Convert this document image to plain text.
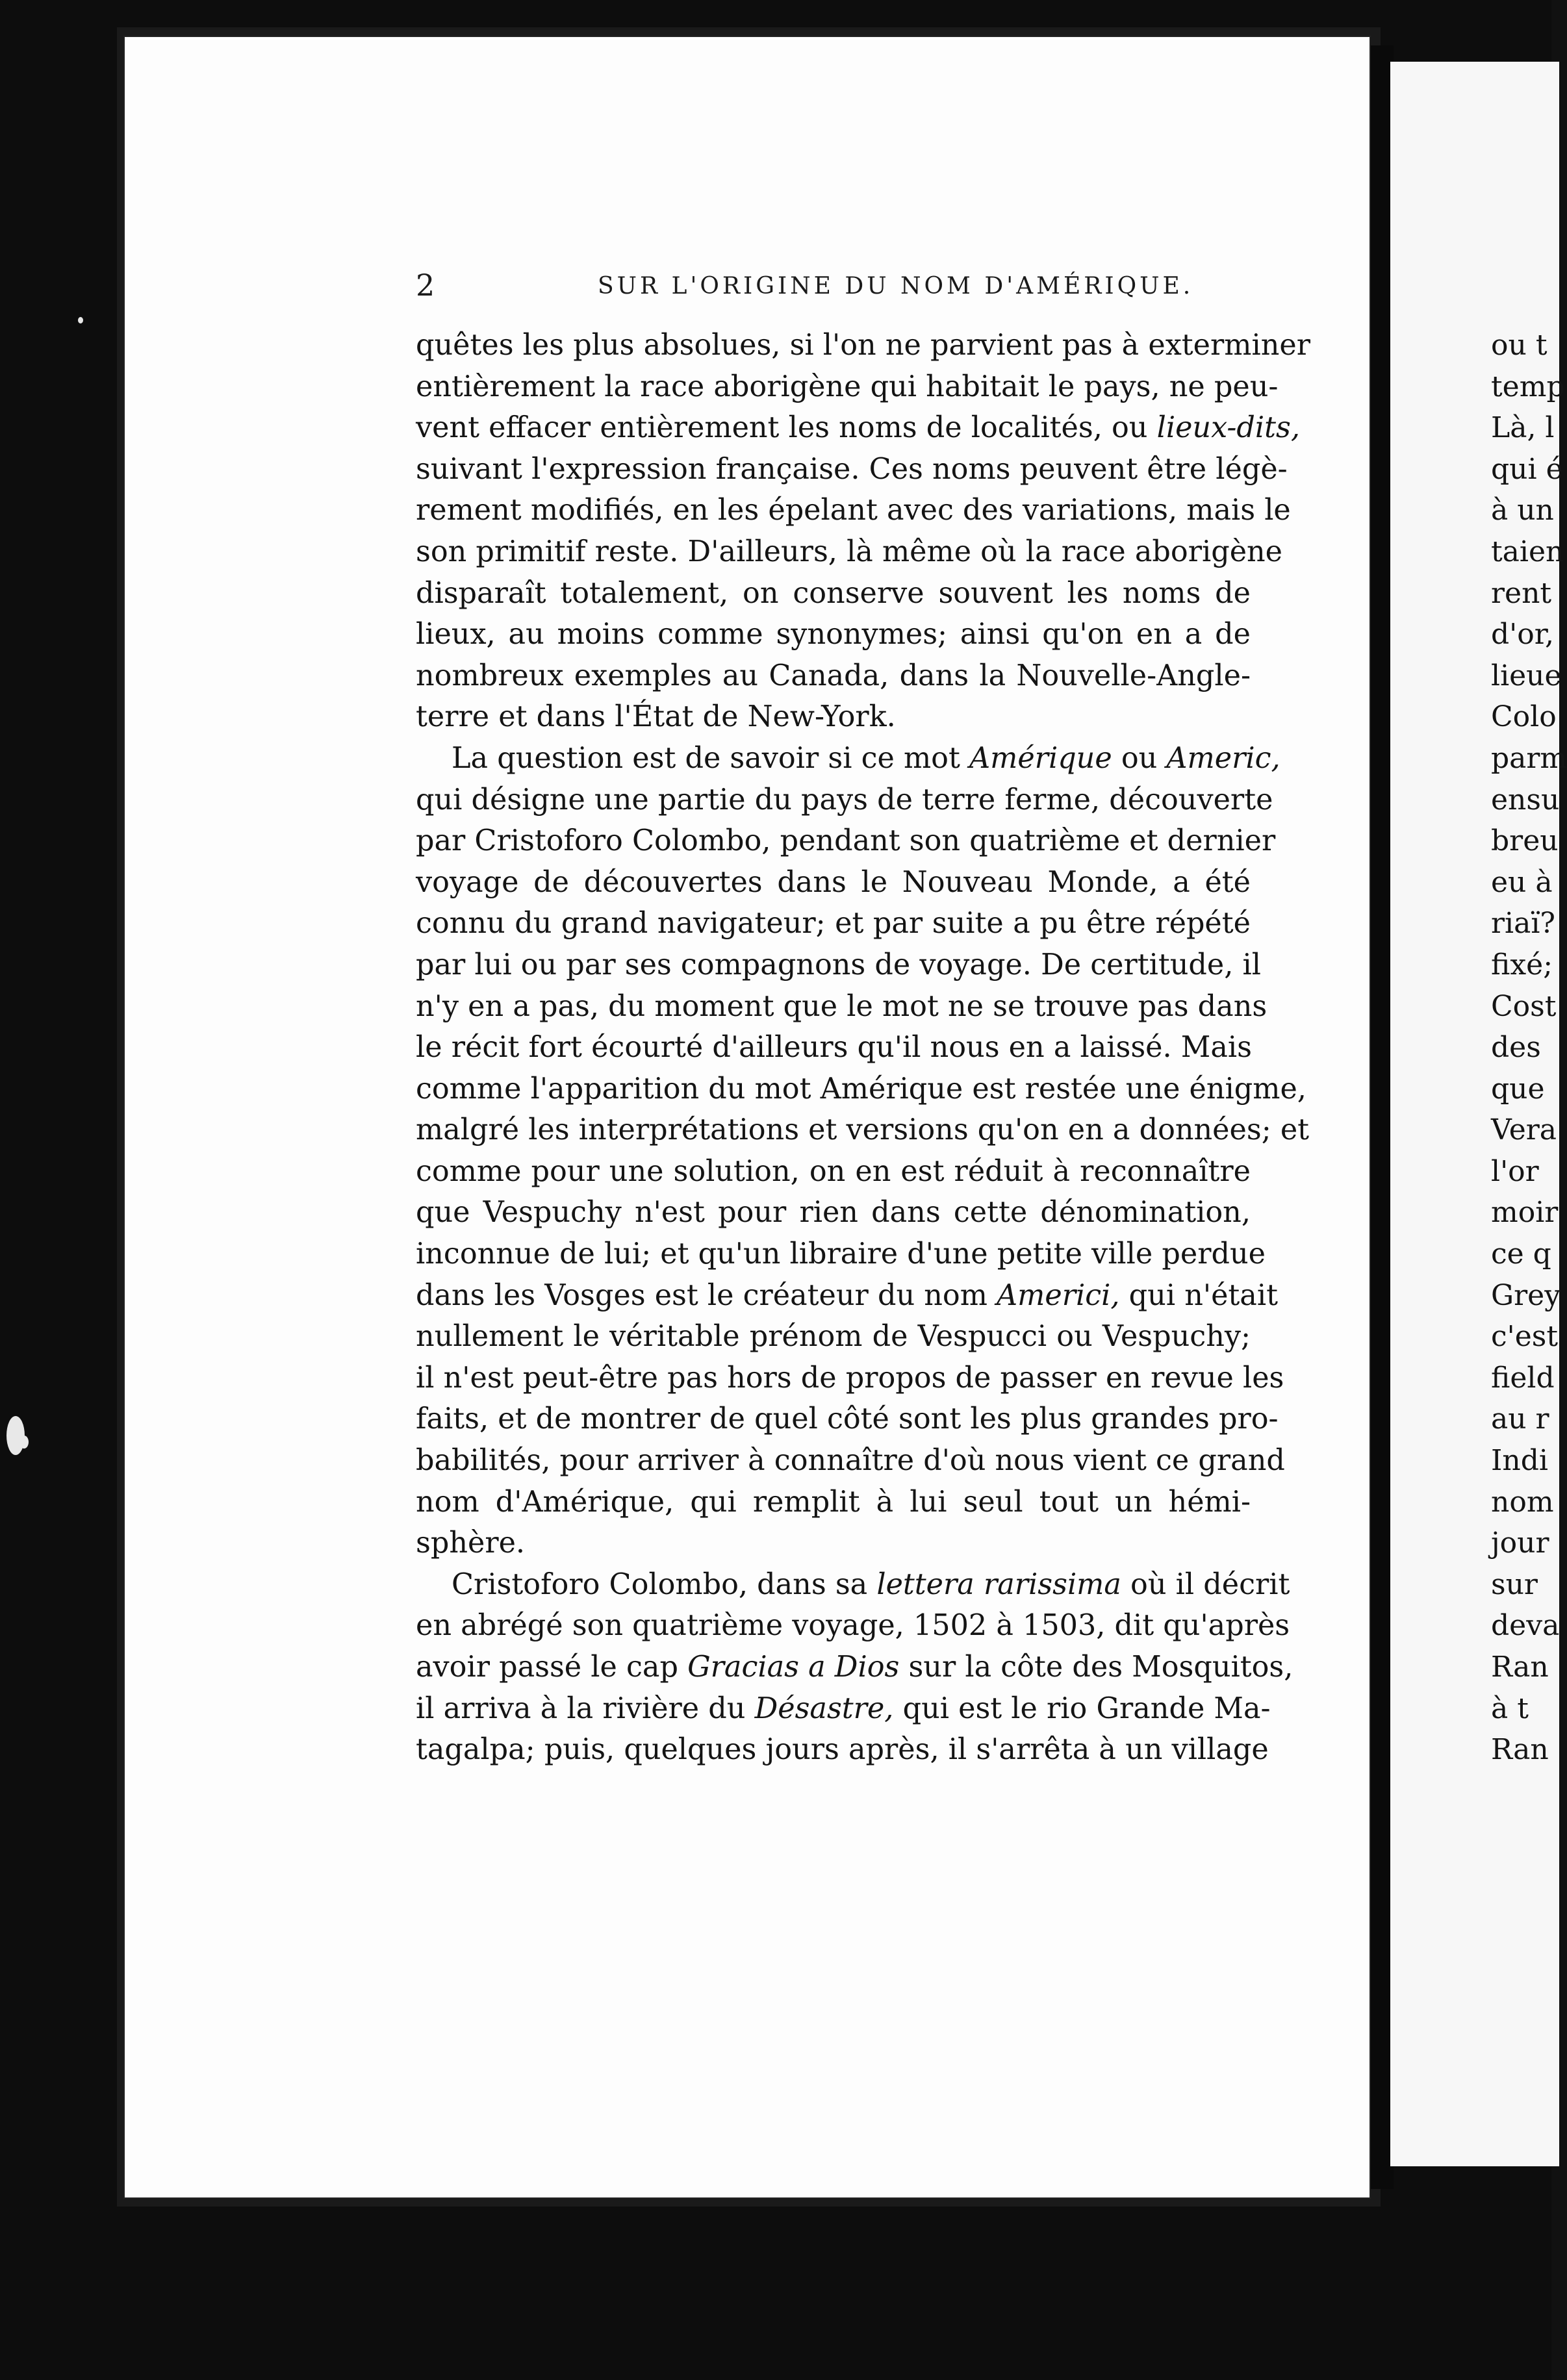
2	SUR L'ORIGINE DU NOM D'AMÉRIQUE.
quêtes les plus absolues, si l'on ne parvient pas à exterminer
entièrement la race aborigène qui habitait le pays, ne peu-
vent effacer entièrement les noms de localités, ou lieux-dits,
suivant l'expression française. Ces noms peuvent être légè-
rement modifiés, en les épelant avec des variations, mais le
son primitif reste. D'ailleurs, là même où la race aborigène
disparaît totalement, on conserve souvent les noms de
lieux, au moins comme synonymes; ainsi qu'on en a de
nombreux exemples au Canada, dans la Nouvelle-Angle-
terre et dans l'État de New-York.
La question est de savoir si ce mot Amérique ou Americ,
qui désigne une partie du pays de terre ferme, découverte
par Cristoforo Colombo, pendant son quatrième et dernier
voyage de découvertes dans le Nouveau Monde, a été
connu du grand navigateur; et par suite a pu être répété
par lui ou par ses compagnons de voyage. De certitude, il
n'y en a pas, du moment que le mot ne se trouve pas dans
le récit fort écourté d'ailleurs qu'il nous en a laissé. Mais
comme l'apparition du mot Amérique est restée une énigme,
malgré les interprétations et versions qu'on en a données; et
comme pour une solution, on en est réduit à reconnaître
que Vespuchy n'est pour rien dans cette dénomination,
inconnue de lui; et qu'un libraire d'une petite ville perdue
dans les Vosges est le créateur du nom Americi, qui n'était
nullement le véritable prénom de Vespucci ou Vespuchy;
il n'est peut-être pas hors de propos de passer en revue les
faits, et de montrer de quel côté sont les plus grandes pro-
babilités, pour arriver à connaître d'où nous vient ce grand
nom d'Amérique, qui remplit à lui seul tout un hémi-
sphère.
Cristoforo Colombo, dans sa lettera rarissima où il décrit
en abrégé son quatrième voyage, 1502 à 1503, dit qu'après
avoir passé le cap Gracias a Dios sur la côte des Mosquitos,
il arriva à la rivière du Désastre, qui est le rio Grande Ma-
tagalpa; puis, quelques jours après, il s'arrêta à un village
ou t
temp
Là, l
qui é
à un
taien
rent
d'or,
lieue
Colo
parm
ensu
breu
eu à
riaï?
fixé;
Cost
des
que
Vera
l'or
moir
ce q
Grey
c'est
field
au r
Indi
nom
jour
sur
deva
Ran
à t
Ran
